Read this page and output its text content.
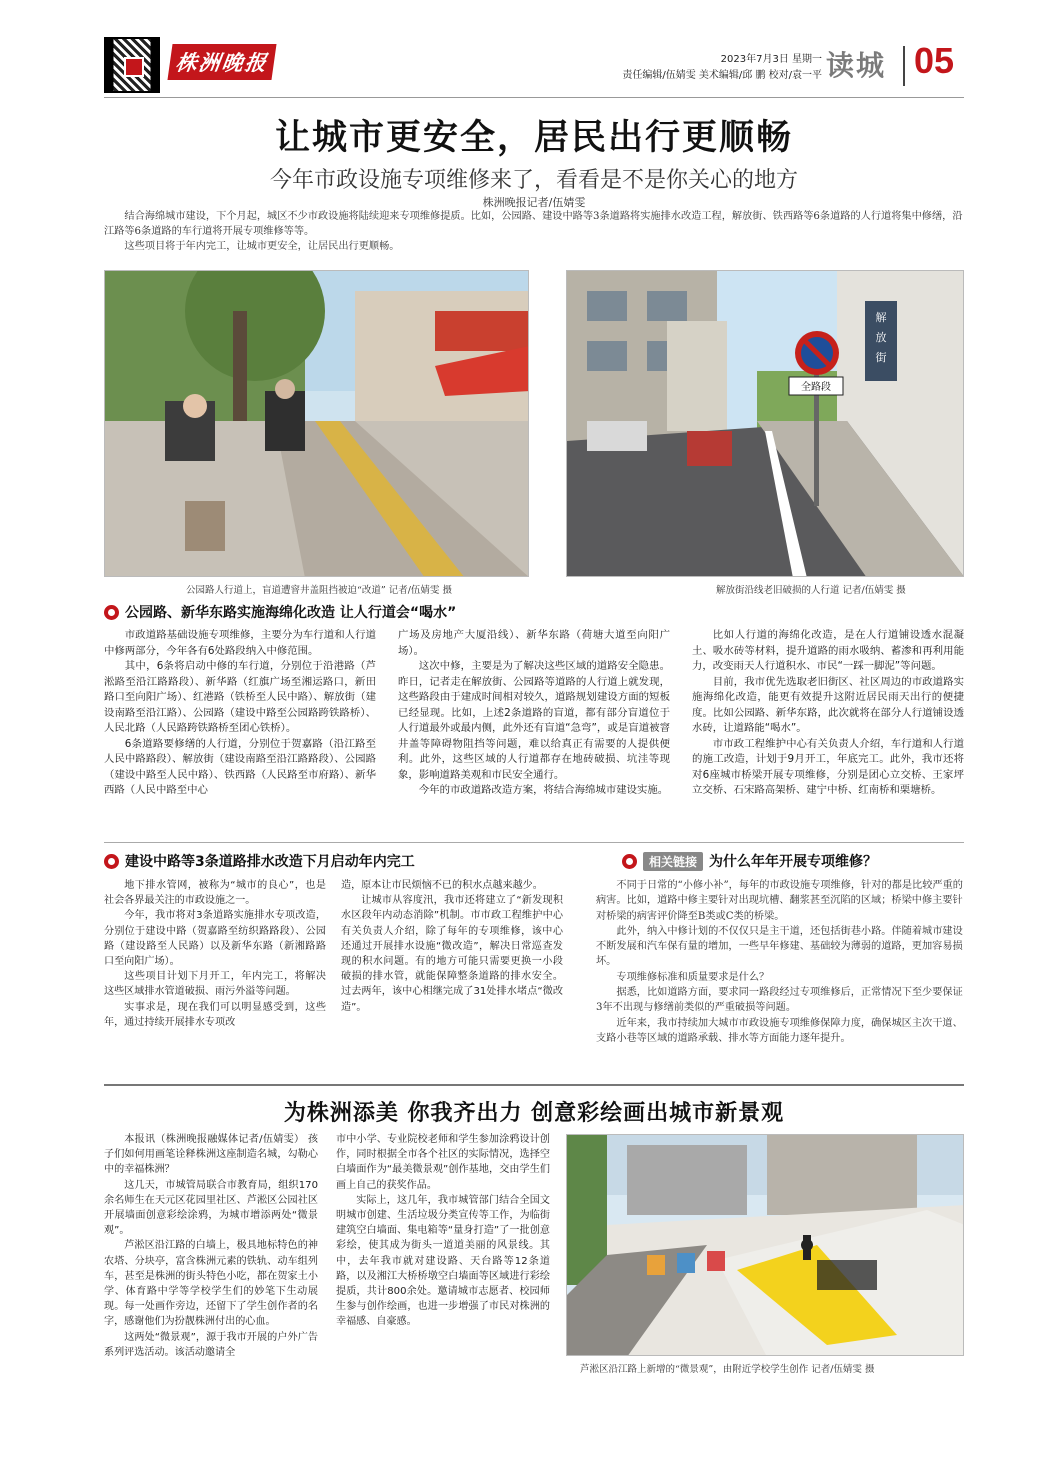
株洲晚报	2023年7月3日 星期一
责任编辑/伍婧雯 美术编辑/邱 鹏 校对/袁一平 读城 05
让城市更安全，居民出行更顺畅
今年市政设施专项维修来了，看看是不是你关心的地方
株洲晚报记者/伍婧雯

结合海绵城市建设，下个月起，城区不少市政设施将陆续迎来专项维修提质。比如，公园路、建设中路等3条道路将实施排水改造工程，解放街、铁西路等6条道路的人行道将集中修缮，沿江路等6条道路的车行道将开展专项维修等等。

这些项目将于年内完工，让城市更安全，让居民出行更顺畅。

公园路人行道上，盲道遭窨井盖阻挡被迫“改道” 记者/伍婧雯 摄
全路段
解
放
街
解放街沿线老旧破损的人行道 记者/伍婧雯 摄
公园路、新华东路实施海绵化改造 让人行道会“喝水”

市政道路基础设施专项维修，主要分为车行道和人行道中修两部分，今年各有6处路段纳入中修范围。

其中，6条将启动中修的车行道，分别位于沿港路（芦淞路至沿江路路段）、新华路（红旗广场至湘运路口，新田路口至向阳广场）、红港路（铁桥至人民中路）、解放街（建设南路至沿江路）、公园路（建设中路至公园路跨铁路桥）、人民北路（人民路跨铁路桥至团心铁桥）。

6条道路要修缮的人行道，分别位于贺嘉路（沿江路至人民中路路段）、解放街（建设南路至沿江路路段）、公园路（建设中路至人民中路）、铁西路（人民路至市府路）、新华西路（人民中路至中心

广场及房地产大厦沿线）、新华东路（荷塘大道至向阳广场）。

这次中修，主要是为了解决这些区域的道路安全隐患。昨日，记者走在解放街、公园路等道路的人行道上就发现，这些路段由于建成时间相对较久，道路规划建设方面的短板已经显现。比如，上述2条道路的盲道，都有部分盲道位于人行道最外或最内侧，此外还有盲道“急弯”，或是盲道被窨井盖等障碍物阻挡等问题，难以给真正有需要的人提供便利。此外，这些区域的人行道都存在地砖破损、坑洼等现象，影响道路美观和市民安全通行。

今年的市政道路改造方案，将结合海绵城市建设实施。

比如人行道的海绵化改造，是在人行道铺设透水混凝土、吸水砖等材料，提升道路的雨水吸纳、蓄渗和再利用能力，改变雨天人行道积水、市民“一踩一脚泥”等问题。

目前，我市优先选取老旧街区、社区周边的市政道路实施海绵化改造，能更有效提升这附近居民雨天出行的便捷度。比如公园路、新华东路，此次就将在部分人行道铺设透水砖，让道路能“喝水”。

市市政工程维护中心有关负责人介绍，车行道和人行道的施工改造，计划于9月开工，年底完工。此外，我市还将对6座城市桥梁开展专项维修，分别是团心立交桥、王家坪立交桥、石宋路高架桥、建宁中桥、红南桥和栗塘桥。

建设中路等3条道路排水改造下月启动年内完工

地下排水管网，被称为“城市的良心”，也是社会各界最关注的市政设施之一。

今年，我市将对3条道路实施排水专项改造，分别位于建设中路（贺嘉路至纺织路路段）、公园路（建设路至人民路）以及新华东路（新湘路路口至向阳广场）。

这些项目计划下月开工，年内完工，将解决这些区域排水管道破损、雨污外溢等问题。

实事求是，现在我们可以明显感受到，这些年，通过持续开展排水专项改

造，原本让市民烦恼不已的积水点越来越少。

让城市从容度汛，我市还将建立了“新发现积水区段年内动态消除”机制。市市政工程维护中心有关负责人介绍，除了每年的专项维修，该中心还通过开展排水设施“微改造”，解决日常巡查发现的积水问题。有的地方可能只需要更换一小段破损的排水管，就能保障整条道路的排水安全。过去两年，该中心相继完成了31处排水堵点“微改造”。

相关链接 为什么年年开展专项维修？

不同于日常的“小修小补”，每年的市政设施专项维修，针对的都是比较严重的病害。比如，道路中修主要针对出现坑槽、翻浆甚至沉陷的区域；桥梁中修主要针对桥梁的病害评价降至B类或C类的桥梁。

此外，纳入中修计划的不仅仅只是主干道，还包括街巷小路。伴随着城市建设不断发展和汽车保有量的增加，一些早年修建、基础较为薄弱的道路，更加容易损坏。

专项维修标准和质量要求是什么？

据悉，比如道路方面，要求同一路段经过专项维修后，正常情况下至少要保证3年不出现与修缮前类似的严重破损等问题。

近年来，我市持续加大城市市政设施专项维修保障力度，确保城区主次干道、支路小巷等区域的道路承载、排水等方面能力逐年提升。

为株洲添美 你我齐出力 创意彩绘画出城市新景观

本报讯（株洲晚报融媒体记者/伍婧雯） 孩子们如何用画笔诠释株洲这座制造名城，勾勒心中的幸福株洲？

这几天，市城管局联合市教育局，组织170余名师生在天元区花园里社区、芦淞区公园社区开展墙面创意彩绘涂鸦，为城市增添两处“微景观”。

芦淞区沿江路的白墙上，极具地标特色的神农塔、分块亭，富含株洲元素的铁轨、动车组列车，甚至是株洲的街头特色小吃，都在贺家土小学、体育路中学等学校学生们的妙笔下生动展现。每一处画作旁边，还留下了学生创作者的名字，感谢他们为扮靓株洲付出的心血。

这两处“微景观”，源于我市开展的户外广告系列评选活动。该活动邀请全

市中小学、专业院校老师和学生参加涂鸦设计创作，同时根据全市各个社区的实际情况，选择空白墙面作为“最美微景观”创作基地，交由学生们画上自己的获奖作品。

实际上，这几年，我市城管部门结合全国文明城市创建、生活垃圾分类宣传等工作，为临街建筑空白墙面、集电箱等“量身打造”了一批创意彩绘，使其成为街头一道道美丽的风景线。其中，去年我市就对建设路、天台路等12条道路，以及湘江大桥桥墩空白墙面等区域进行彩绘提质，共计800余处。邀请城市志愿者、校园师生参与创作绘画，也进一步增强了市民对株洲的幸福感、自豪感。

芦淞区沿江路上新增的“微景观”，由附近学校学生创作 记者/伍婧雯 摄
